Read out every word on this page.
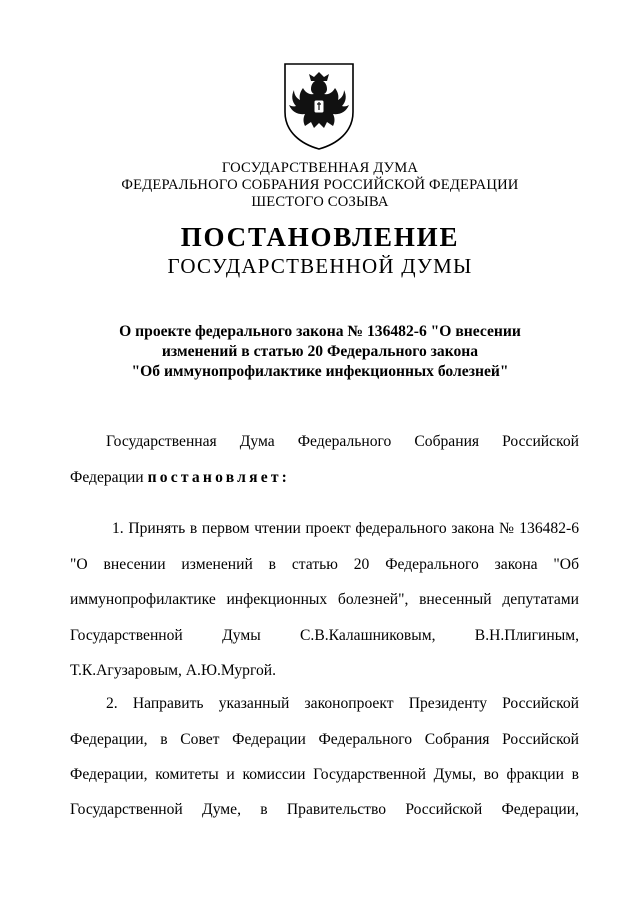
ГОСУДАРСТВЕННАЯ ДУМА
ФЕДЕРАЛЬНОГО СОБРАНИЯ РОССИЙСКОЙ ФЕДЕРАЦИИ
ШЕСТОГО СОЗЫВА
ПОСТАНОВЛЕНИЕ
ГОСУДАРСТВЕННОЙ ДУМЫ
О проекте федерального закона № 136482-6 "О внесении
изменений в статью 20 Федерального закона
"Об иммунопрофилактике инфекционных болезней"
Государственная Дума Федерального Собрания Российской
Федерации постановляет:
1. Принять в первом чтении проект федерального закона № 136482-6
"О внесении изменений в статью 20 Федерального закона "Об
иммунопрофилактике инфекционных болезней", внесенный депутатами
Государственной Думы С.В.Калашниковым, В.Н.Плигиным,
Т.К.Агузаровым, А.Ю.Мургой.
2. Направить указанный законопроект Президенту Российской
Федерации, в Совет Федерации Федерального Собрания Российской
Федерации, комитеты и комиссии Государственной Думы, во фракции в
Государственной Думе, в Правительство Российской Федерации,
